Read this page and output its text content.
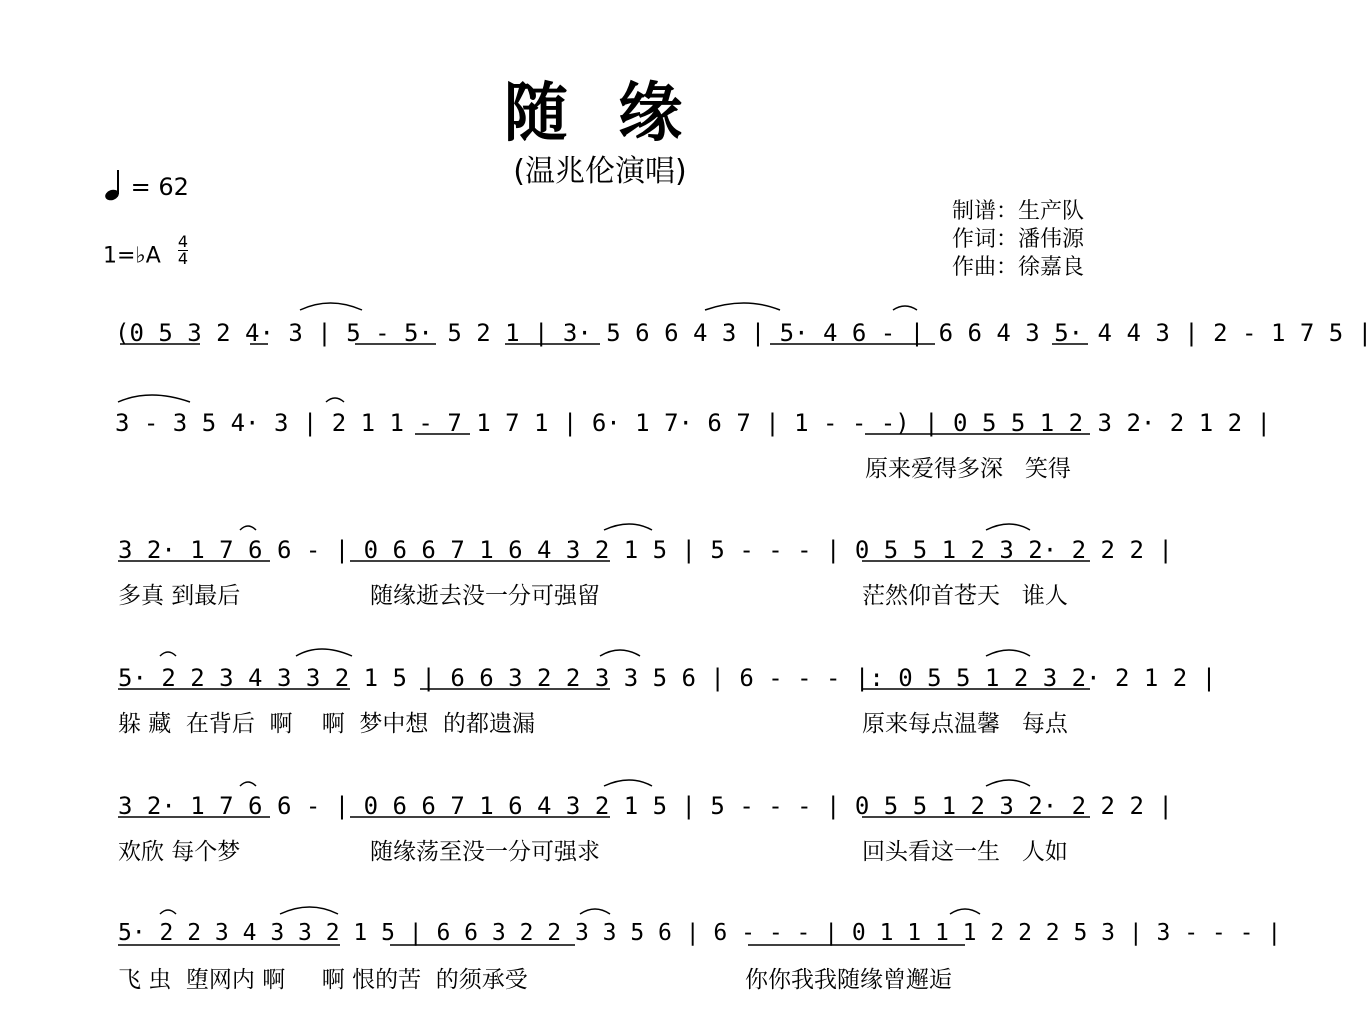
随 缘
(温兆伦演唱)
= 62
1=♭A $\frac{4}{4}$
制谱：生产队
作词：潘伟源
作曲：徐嘉良
(0 5 3 2 4· 3 | 5 - 5· 5 2 1 | 3· 5 6 6 4 3 | 5· 4 6 - | 6 6 4 3 5· 4 4 3 | 2 - 1 7 5 |
3 - 3 5 4· 3 | 2 1 1 - 7 1 7 1 | 6· 1 7· 6 7 | 1 - - -) | 0 5 5 1 2 3 2· 2 1 2 |
原来爱得多深   笑得
3 2· 1 7 6 6 - | 0 6 6 7 1 6 4 3 2 1 5 | 5 - - - | 0 5 5 1 2 3 2· 2 2 2 |
多真 到最后	随缘逝去没一分可强留	茫然仰首苍天   谁人
5· 2 2 3 4 3 3 2 1 5 | 6 6 3 2 2 3 3 5 6 | 6 - - - |: 0 5 5 1 2 3 2· 2 1 2 |
躲 藏  在背后  啊    啊  梦中想  的都遗漏	原来每点温馨   每点
3 2· 1 7 6 6 - | 0 6 6 7 1 6 4 3 2 1 5 | 5 - - - | 0 5 5 1 2 3 2· 2 2 2 |
欢欣 每个梦	随缘荡至没一分可强求	回头看这一生   人如
5· 2 2 3 4 3 3 2 1 5 | 6 6 3 2 2 3 3 5 6 | 6 - - - | 0 1 1 1 1 2 2 2 5 3 | 3 - - - |
飞 虫  堕网内 啊     啊 恨的苦  的须承受	你你我我随缘曾邂逅
